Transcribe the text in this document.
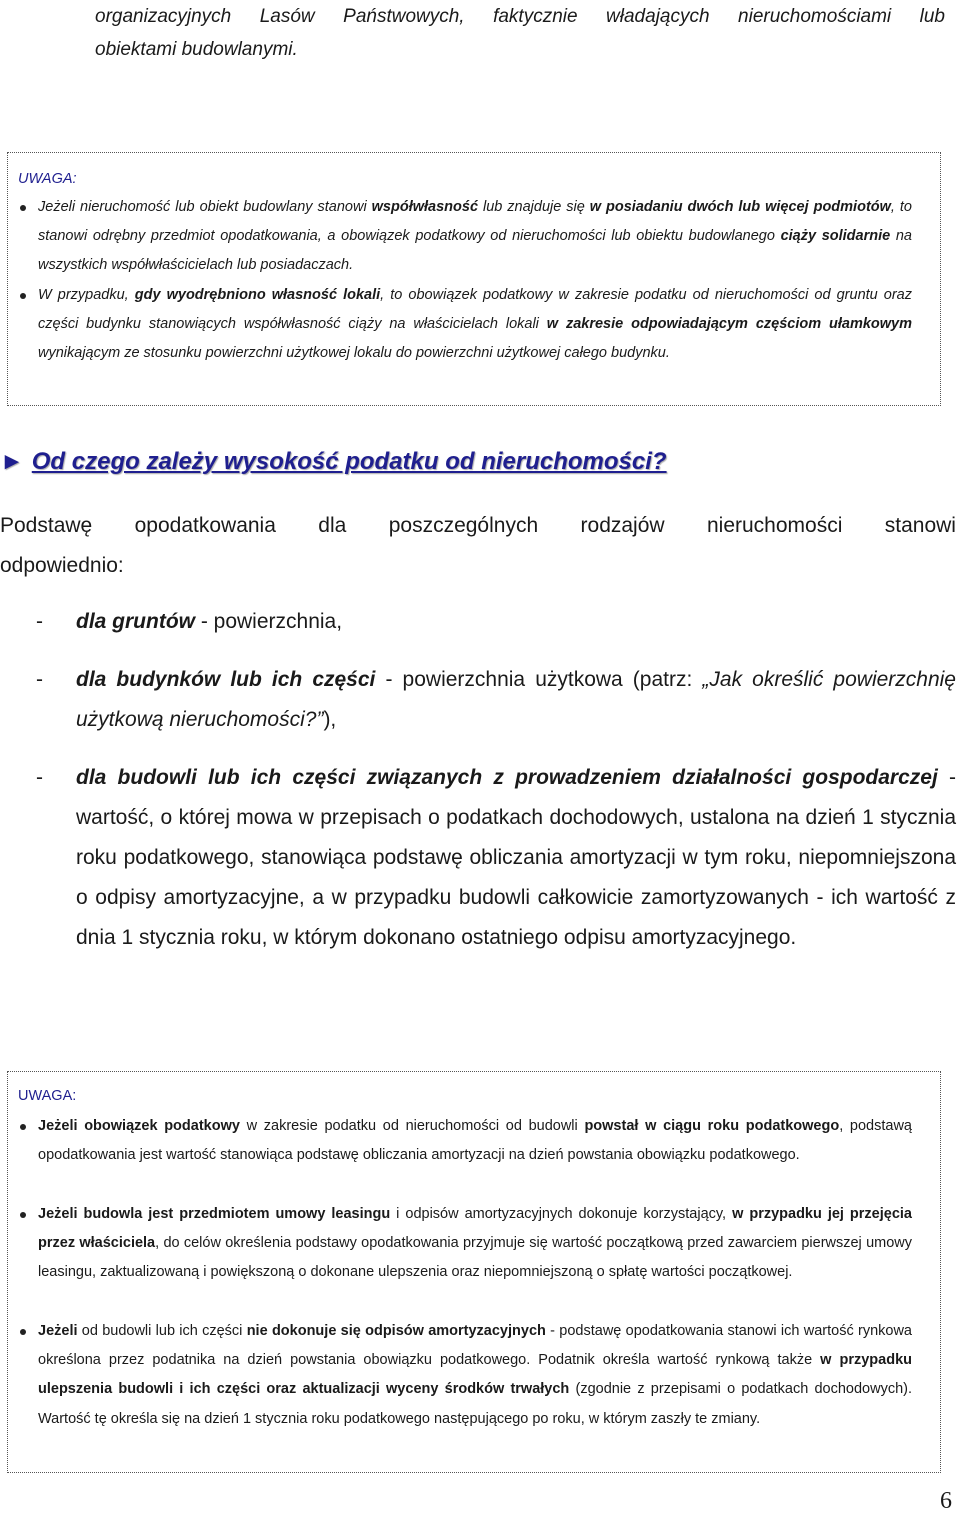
organizacyjnych Lasów Państwowych, faktycznie władających nieruchomościami lub
obiektami budowlanymi.
UWAGA:
Jeżeli nieruchomość lub obiekt budowlany stanowi współwłasność lub znajduje się w posiadaniu dwóch lub więcej podmiotów, to stanowi odrębny przedmiot opodatkowania, a obowiązek podatkowy od nieruchomości lub obiektu budowlanego ciąży solidarnie na wszystkich współwłaścicielach lub posiadaczach.
W przypadku, gdy wyodrębniono własność lokali, to obowiązek podatkowy w zakresie podatku od nieruchomości od gruntu oraz części budynku stanowiących współwłasność ciąży na właścicielach lokali w zakresie odpowiadającym częściom ułamkowym wynikającym ze stosunku powierzchni użytkowej lokalu do powierzchni użytkowej całego budynku.
► Od czego zależy wysokość podatku od nieruchomości?
Podstawę opodatkowania dla poszczególnych rodzajów nieruchomości stanowi
odpowiednio:
- dla gruntów - powierzchnia,
- dla budynków lub ich części - powierzchnia użytkowa (patrz: „Jak określić powierzchnię użytkową nieruchomości?”),
- dla budowli lub ich części związanych z prowadzeniem działalności gospodarczej - wartość, o której mowa w przepisach o podatkach dochodowych, ustalona na dzień 1 stycznia roku podatkowego, stanowiąca podstawę obliczania amortyzacji w tym roku, niepomniejszona o odpisy amortyzacyjne, a w przypadku budowli całkowicie zamortyzowanych - ich wartość z dnia 1 stycznia roku, w którym dokonano ostatniego odpisu amortyzacyjnego.
UWAGA:
Jeżeli obowiązek podatkowy w zakresie podatku od nieruchomości od budowli powstał w ciągu roku podatkowego, podstawą opodatkowania jest wartość stanowiąca podstawę obliczania amortyzacji na dzień powstania obowiązku podatkowego.
Jeżeli budowla jest przedmiotem umowy leasingu i odpisów amortyzacyjnych dokonuje korzystający, w przypadku jej przejęcia przez właściciela, do celów określenia podstawy opodatkowania przyjmuje się wartość początkową przed zawarciem pierwszej umowy leasingu, zaktualizowaną i powiększoną o dokonane ulepszenia oraz niepomniejszoną o spłatę wartości początkowej.
Jeżeli od budowli lub ich części nie dokonuje się odpisów amortyzacyjnych - podstawę opodatkowania stanowi ich wartość rynkowa określona przez podatnika na dzień powstania obowiązku podatkowego. Podatnik określa wartość rynkową także w przypadku ulepszenia budowli i ich części oraz aktualizacji wyceny środków trwałych (zgodnie z przepisami o podatkach dochodowych). Wartość tę określa się na dzień 1 stycznia roku podatkowego następującego po roku, w którym zaszły te zmiany.
6
